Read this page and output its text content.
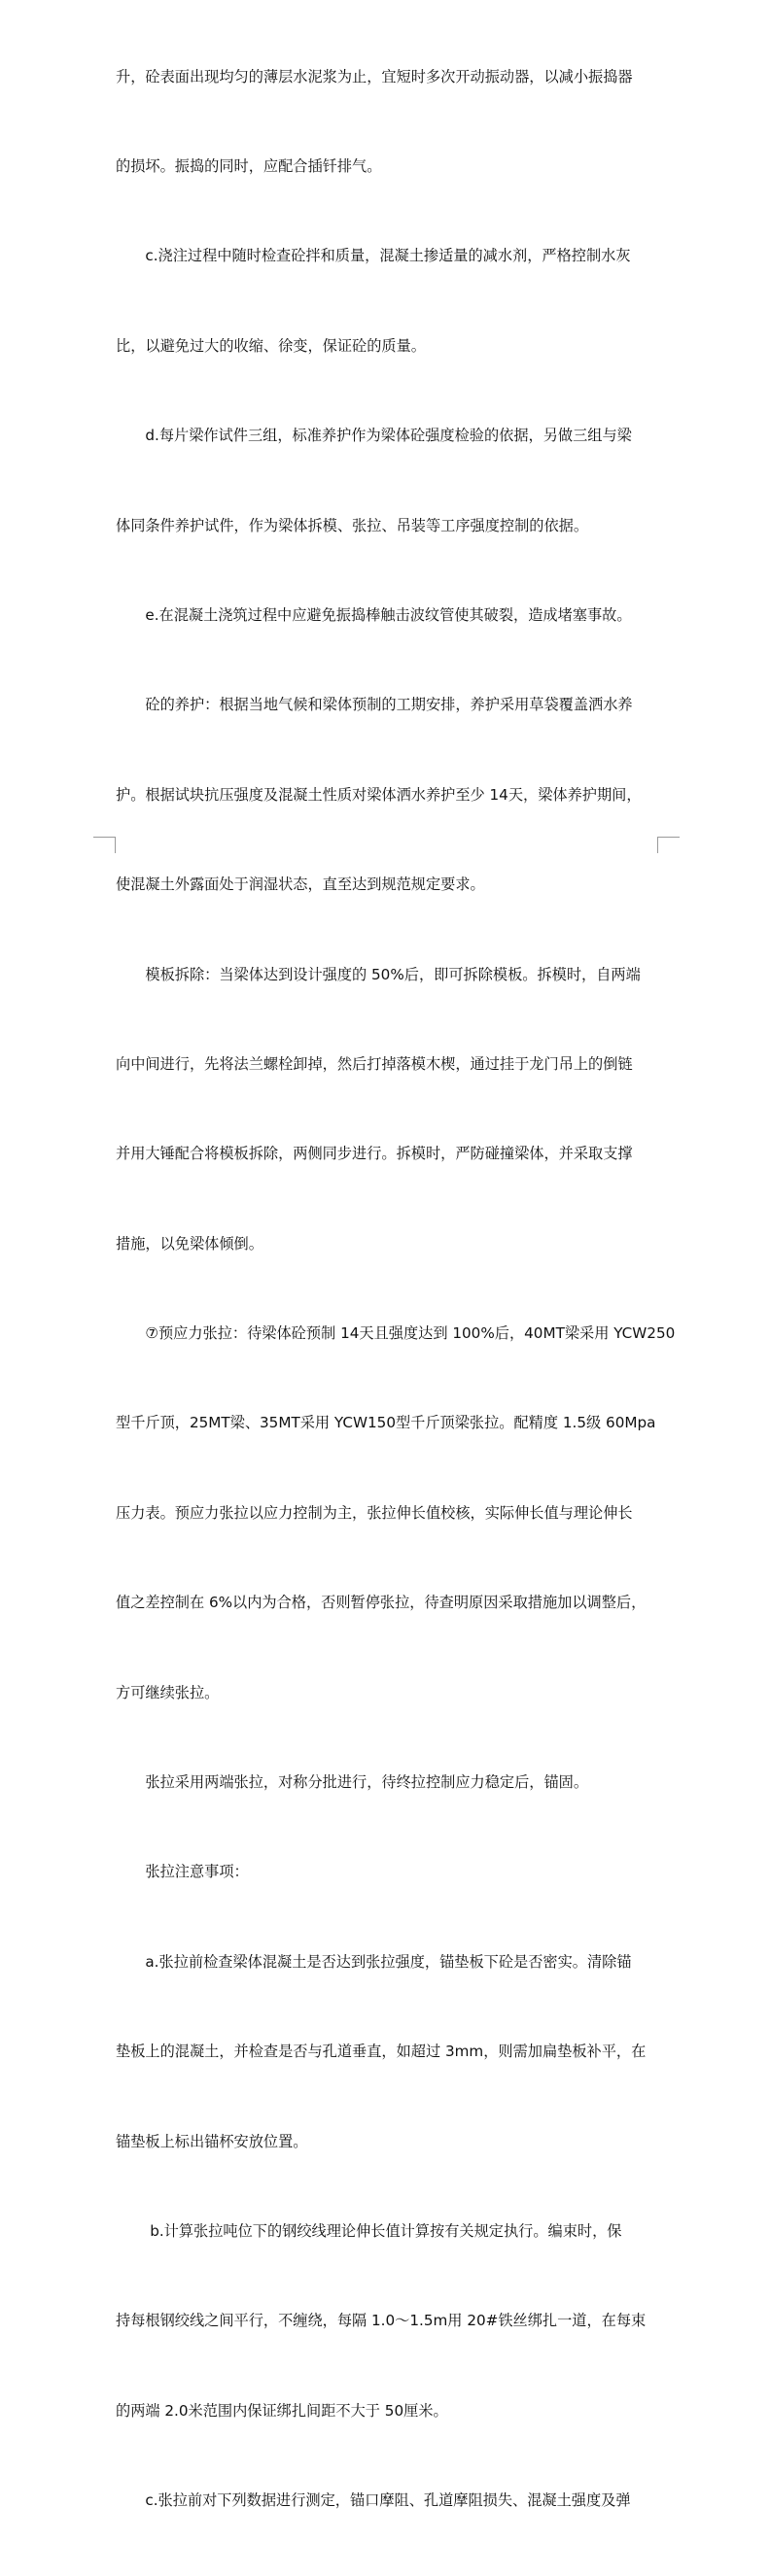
升，砼表面出现均匀的薄层水泥浆为止，宜短时多次开动振动器，以减小振捣器

的损坏。振捣的同时，应配合插钎排气。

　　c.浇注过程中随时检查砼拌和质量，混凝土掺适量的减水剂，严格控制水灰

比，以避免过大的收缩、徐变，保证砼的质量。

　　d.每片梁作试件三组，标准养护作为梁体砼强度检验的依据，另做三组与梁

体同条件养护试件，作为梁体拆模、张拉、吊装等工序强度控制的依据。

　　e.在混凝土浇筑过程中应避免振捣棒触击波纹管使其破裂，造成堵塞事故。

　　砼的养护：根据当地气候和梁体预制的工期安排，养护采用草袋覆盖洒水养

护。根据试块抗压强度及混凝土性质对梁体洒水养护至少 14天，梁体养护期间，

使混凝土外露面处于润湿状态，直至达到规范规定要求。

　　模板拆除：当梁体达到设计强度的 50%后，即可拆除模板。拆模时，自两端

向中间进行，先将法兰螺栓卸掉，然后打掉落模木楔，通过挂于龙门吊上的倒链

并用大锤配合将模板拆除，两侧同步进行。拆模时，严防碰撞梁体，并采取支撑

措施，以免梁体倾倒。

　　⑦预应力张拉：待梁体砼预制 14天且强度达到 100%后，40MT梁采用 YCW250

型千斤顶，25MT梁、35MT采用 YCW150型千斤顶梁张拉。配精度 1.5级 60Mpa

压力表。预应力张拉以应力控制为主，张拉伸长值校核，实际伸长值与理论伸长

值之差控制在 6%以内为合格，否则暂停张拉，待查明原因采取措施加以调整后，

方可继续张拉。

　　张拉采用两端张拉，对称分批进行，待终拉控制应力稳定后，锚固。

　　张拉注意事项：

　　a.张拉前检查梁体混凝土是否达到张拉强度，锚垫板下砼是否密实。清除锚

垫板上的混凝土，并检查是否与孔道垂直，如超过 3mm，则需加扁垫板补平，在

锚垫板上标出锚杯安放位置。

　　 b.计算张拉吨位下的钢绞线理论伸长值计算按有关规定执行。编束时，保

持每根钢绞线之间平行，不缠绕，每隔 1.0～1.5m用 20#铁丝绑扎一道，在每束

的两端 2.0米范围内保证绑扎间距不大于 50厘米。

　　c.张拉前对下列数据进行测定，锚口摩阻、孔道摩阻损失、混凝土强度及弹
